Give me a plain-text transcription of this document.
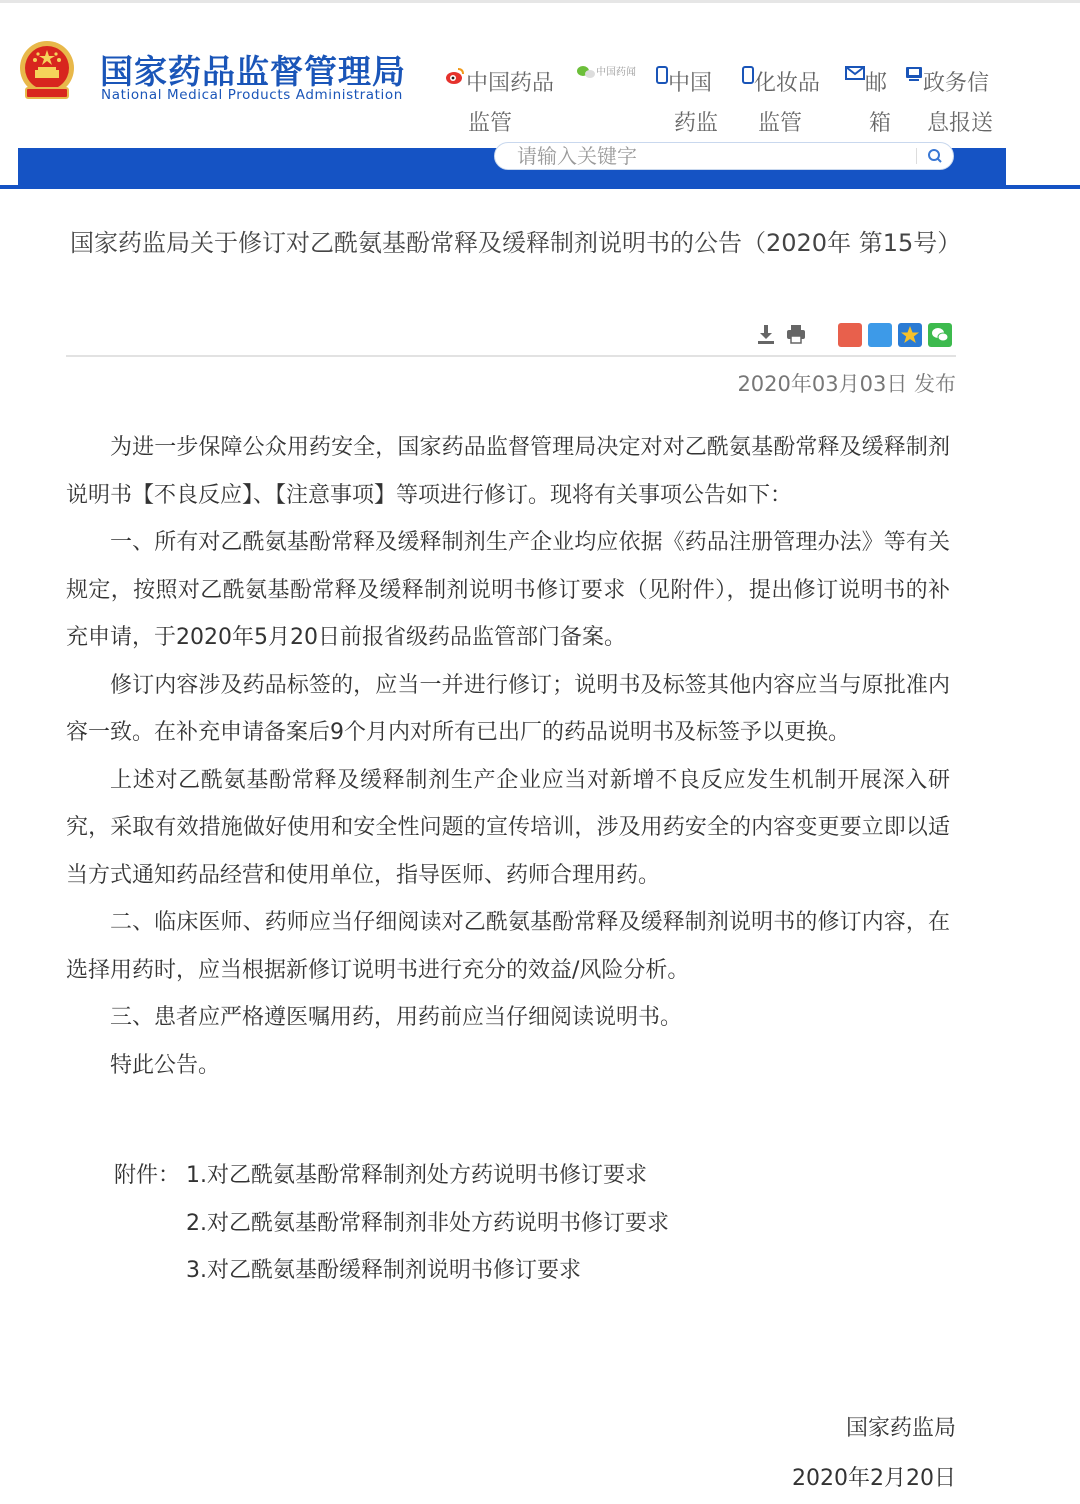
国家药品监督管理局
National Medical Products Administration	中国药品
监管
中国药闻	中国
药监
化妆品
监管
邮
箱
政务信
息报送
请输入关键字
国家药监局关于修订对乙酰氨基酚常释及缓释制剂说明书的公告（2020年 第15号）
2020年03月03日 发布

为进一步保障公众用药安全，国家药品监督管理局决定对对乙酰氨基酚常释及缓释制剂说明书【不良反应】、【注意事项】等项进行修订。现将有关事项公告如下：

一、所有对乙酰氨基酚常释及缓释制剂生产企业均应依据《药品注册管理办法》等有关规定，按照对乙酰氨基酚常释及缓释制剂说明书修订要求（见附件），提出修订说明书的补充申请，于2020年5月20日前报省级药品监管部门备案。

修订内容涉及药品标签的，应当一并进行修订；说明书及标签其他内容应当与原批准内容一致。在补充申请备案后9个月内对所有已出厂的药品说明书及标签予以更换。

上述对乙酰氨基酚常释及缓释制剂生产企业应当对新增不良反应发生机制开展深入研究，采取有效措施做好使用和安全性问题的宣传培训，涉及用药安全的内容变更要立即以适当方式通知药品经营和使用单位，指导医师、药师合理用药。

二、临床医师、药师应当仔细阅读对乙酰氨基酚常释及缓释制剂说明书的修订内容，在选择用药时，应当根据新修订说明书进行充分的效益/风险分析。

三、患者应严格遵医嘱用药，用药前应当仔细阅读说明书。

特此公告。

附件： 1.对乙酰氨基酚常释制剂处方药说明书修订要求
2.对乙酰氨基酚常释制剂非处方药说明书修订要求
3.对乙酰氨基酚缓释制剂说明书修订要求
国家药监局
2020年2月20日
